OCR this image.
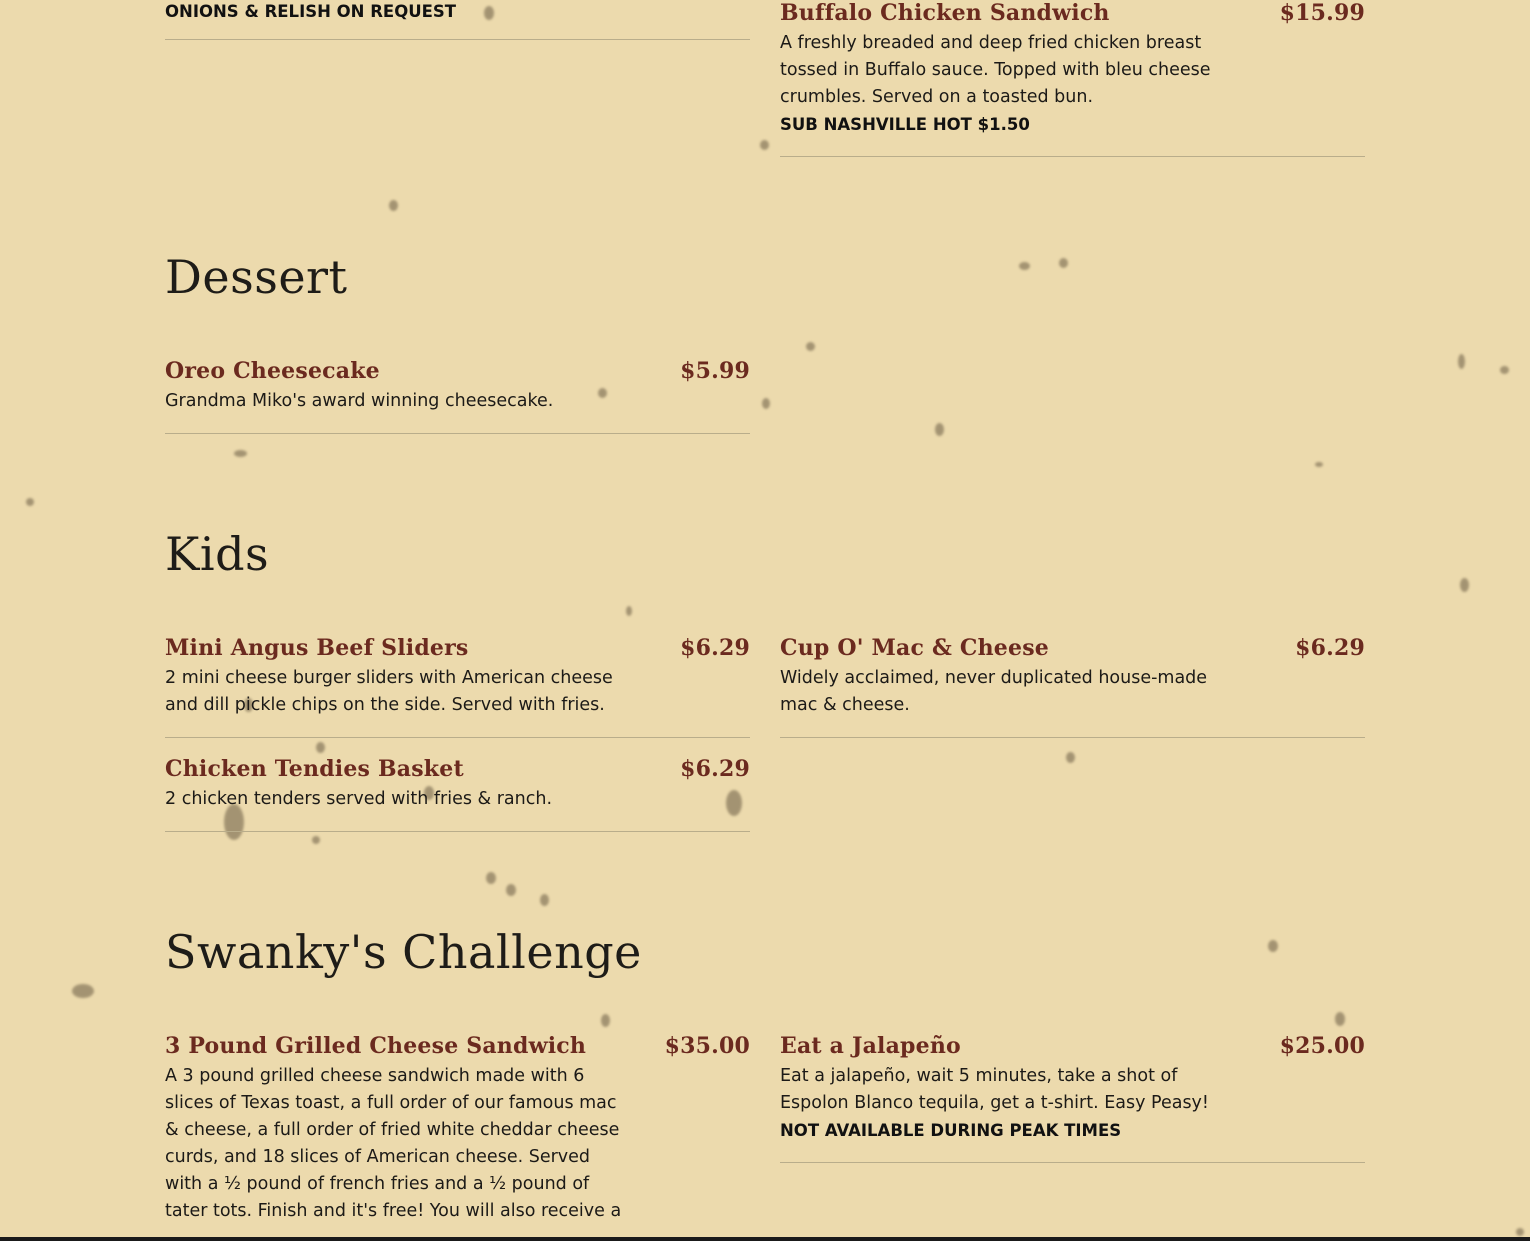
ONIONS & RELISH ON REQUEST	Buffalo Chicken Sandwich	$15.99
A freshly breaded and deep fried chicken breast tossed in Buffalo sauce. Topped with bleu cheese crumbles. Served on a toasted bun.
SUB NASHVILLE HOT $1.50
Dessert
Oreo Cheesecake	$5.99
Grandma Miko's award winning cheesecake.
Kids
Mini Angus Beef Sliders	$6.29
2 mini cheese burger sliders with American cheese and dill pickle chips on the side. Served with fries.
Cup O' Mac & Cheese	$6.29
Widely acclaimed, never duplicated house-made mac & cheese.
Chicken Tendies Basket	$6.29
2 chicken tenders served with fries & ranch.
Swanky's Challenge
3 Pound Grilled Cheese Sandwich	$35.00
A 3 pound grilled cheese sandwich made with 6 slices of Texas toast, a full order of our famous mac & cheese, a full order of fried white cheddar cheese curds, and 18 slices of American cheese. Served with a ½ pound of french fries and a ½ pound of tater tots. Finish and it's free! You will also receive a
Eat a Jalapeño	$25.00
Eat a jalapeño, wait 5 minutes, take a shot of Espolon Blanco tequila, get a t-shirt. Easy Peasy!
NOT AVAILABLE DURING PEAK TIMES
